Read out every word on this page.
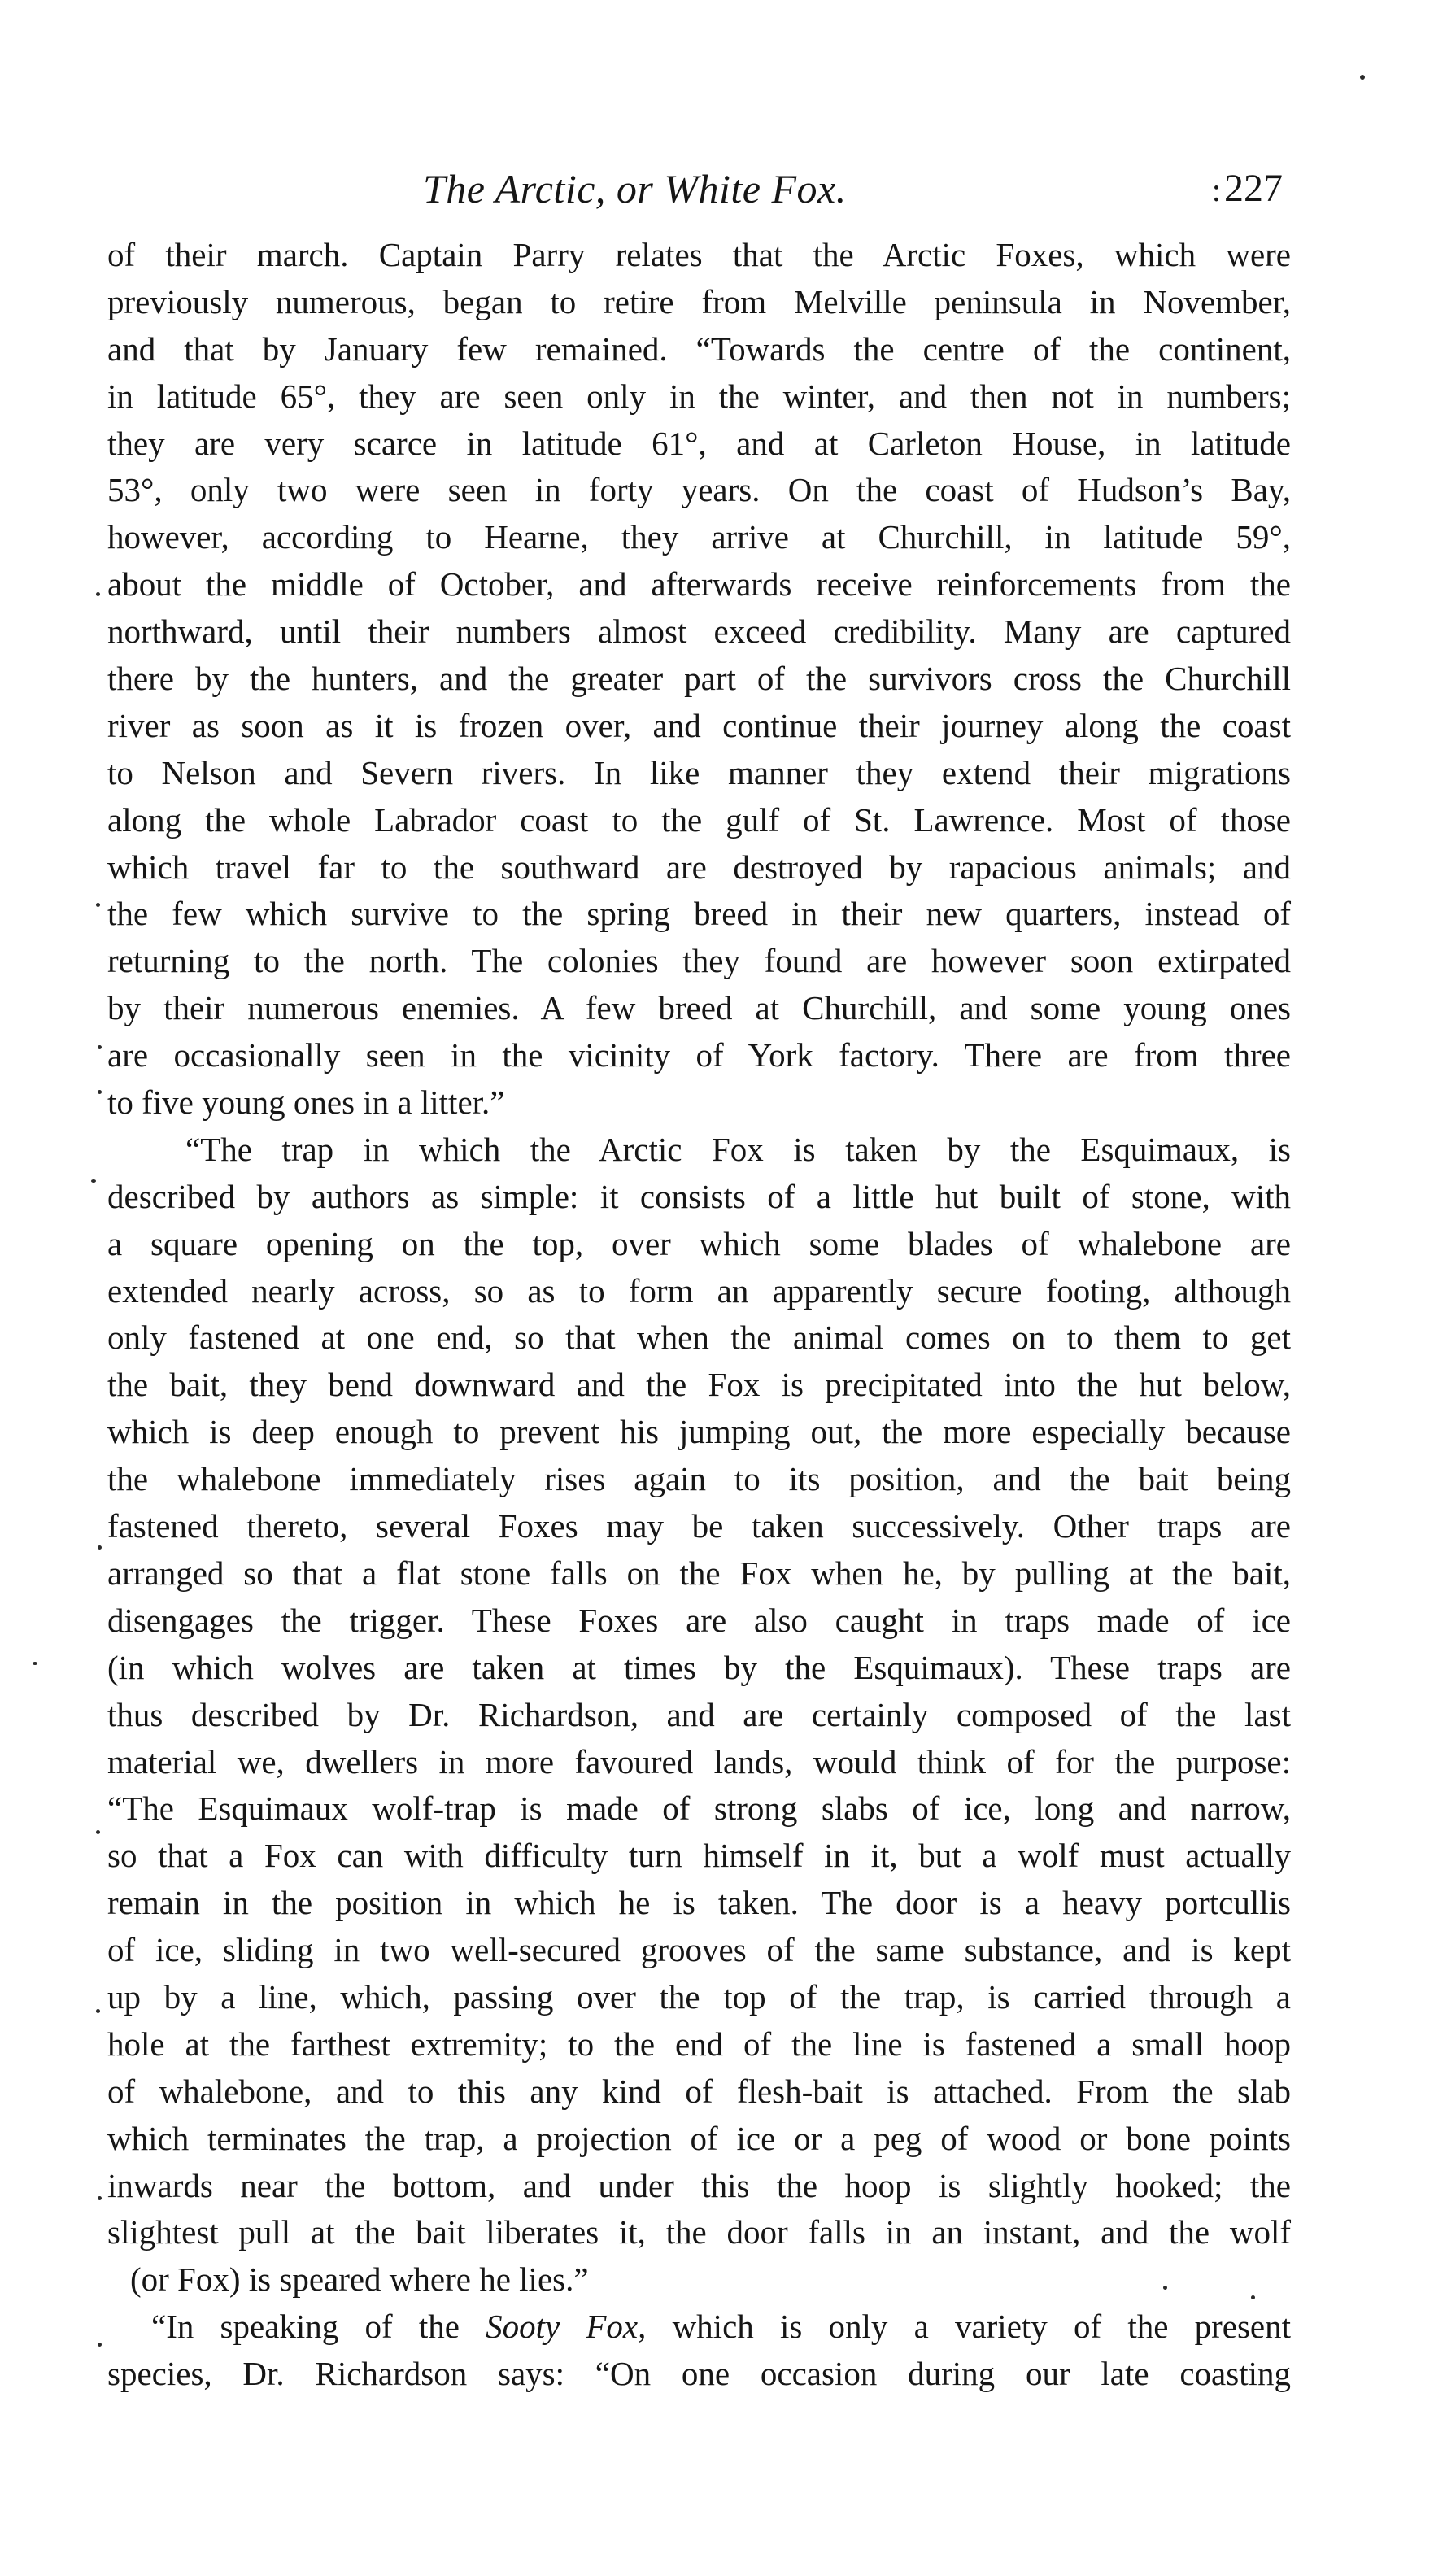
The Arctic, or White Fox.	:227
of their march. Captain Parry relates that the Arctic Foxes, which were
previously numerous, began to retire from Melville peninsula in November,
and that by January few remained. “Towards the centre of the continent,
in latitude 65°, they are seen only in the winter, and then not in numbers;
they are very scarce in latitude 61°, and at Carleton House, in latitude
53°, only two were seen in forty years. On the coast of Hudson’s Bay,
however, according to Hearne, they arrive at Churchill, in latitude 59°,
about the middle of October, and afterwards receive reinforcements from the
northward, until their numbers almost exceed credibility. Many are captured
there by the hunters, and the greater part of the survivors cross the Churchill
river as soon as it is frozen over, and continue their journey along the coast
to Nelson and Severn rivers. In like manner they extend their migrations
along the whole Labrador coast to the gulf of St. Lawrence. Most of those
which travel far to the southward are destroyed by rapacious animals; and
the few which survive to the spring breed in their new quarters, instead of
returning to the north. The colonies they found are however soon extirpated
by their numerous enemies. A few breed at Churchill, and some young ones
are occasionally seen in the vicinity of York factory. There are from three
to five young ones in a litter.”
“The trap in which the Arctic Fox is taken by the Esquimaux, is
described by authors as simple: it consists of a little hut built of stone, with
a square opening on the top, over which some blades of whalebone are
extended nearly across, so as to form an apparently secure footing, although
only fastened at one end, so that when the animal comes on to them to get
the bait, they bend downward and the Fox is precipitated into the hut below,
which is deep enough to prevent his jumping out, the more especially because
the whalebone immediately rises again to its position, and the bait being
fastened thereto, several Foxes may be taken successively. Other traps are
arranged so that a flat stone falls on the Fox when he, by pulling at the bait,
disengages the trigger. These Foxes are also caught in traps made of ice
(in which wolves are taken at times by the Esquimaux). These traps are
thus described by Dr. Richardson, and are certainly composed of the last
material we, dwellers in more favoured lands, would think of for the purpose:
“The Esquimaux wolf-trap is made of strong slabs of ice, long and narrow,
so that a Fox can with difficulty turn himself in it, but a wolf must actually
remain in the position in which he is taken. The door is a heavy portcullis
of ice, sliding in two well-secured grooves of the same substance, and is kept
up by a line, which, passing over the top of the trap, is carried through a
hole at the farthest extremity; to the end of the line is fastened a small hoop
of whalebone, and to this any kind of flesh-bait is attached. From the slab
which terminates the trap, a projection of ice or a peg of wood or bone points
inwards near the bottom, and under this the hoop is slightly hooked; the
slightest pull at the bait liberates it, the door falls in an instant, and the wolf
(or Fox) is speared where he lies.”
“In speaking of the Sooty Fox, which is only a variety of the present
species, Dr. Richardson says: “On one occasion during our late coasting
